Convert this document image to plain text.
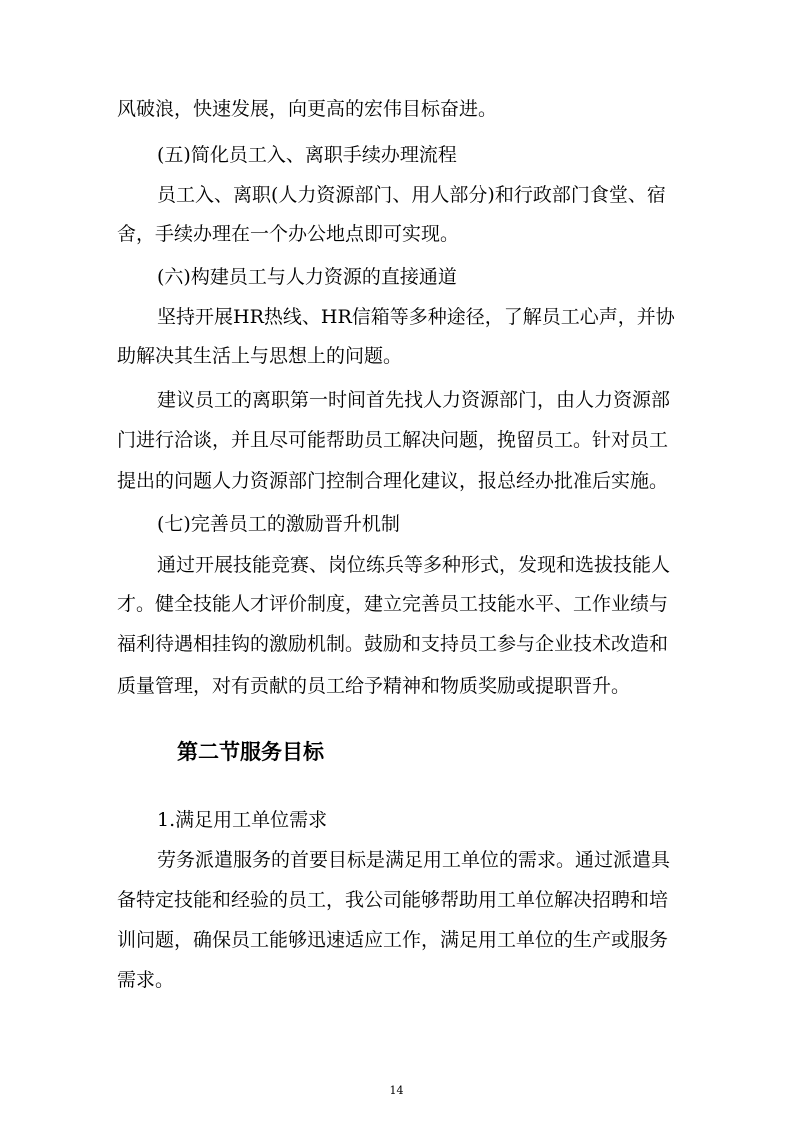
风破浪，快速发展，向更高的宏伟目标奋进。
(五)简化员工入、离职手续办理流程
员工入、离职(人力资源部门、用人部分)和行政部门食堂、宿
舍，手续办理在一个办公地点即可实现。
(六)构建员工与人力资源的直接通道
坚持开展HR热线、HR信箱等多种途径，了解员工心声，并协
助解决其生活上与思想上的问题。
建议员工的离职第一时间首先找人力资源部门，由人力资源部
门进行洽谈，并且尽可能帮助员工解决问题，挽留员工。针对员工
提出的问题人力资源部门控制合理化建议，报总经办批准后实施。
(七)完善员工的激励晋升机制
通过开展技能竞赛、岗位练兵等多种形式，发现和选拔技能人
才。健全技能人才评价制度，建立完善员工技能水平、工作业绩与
福利待遇相挂钩的激励机制。鼓励和支持员工参与企业技术改造和
质量管理，对有贡献的员工给予精神和物质奖励或提职晋升。
第二节服务目标
1.满足用工单位需求
劳务派遣服务的首要目标是满足用工单位的需求。通过派遣具
备特定技能和经验的员工，我公司能够帮助用工单位解决招聘和培
训问题，确保员工能够迅速适应工作，满足用工单位的生产或服务
需求。
14
